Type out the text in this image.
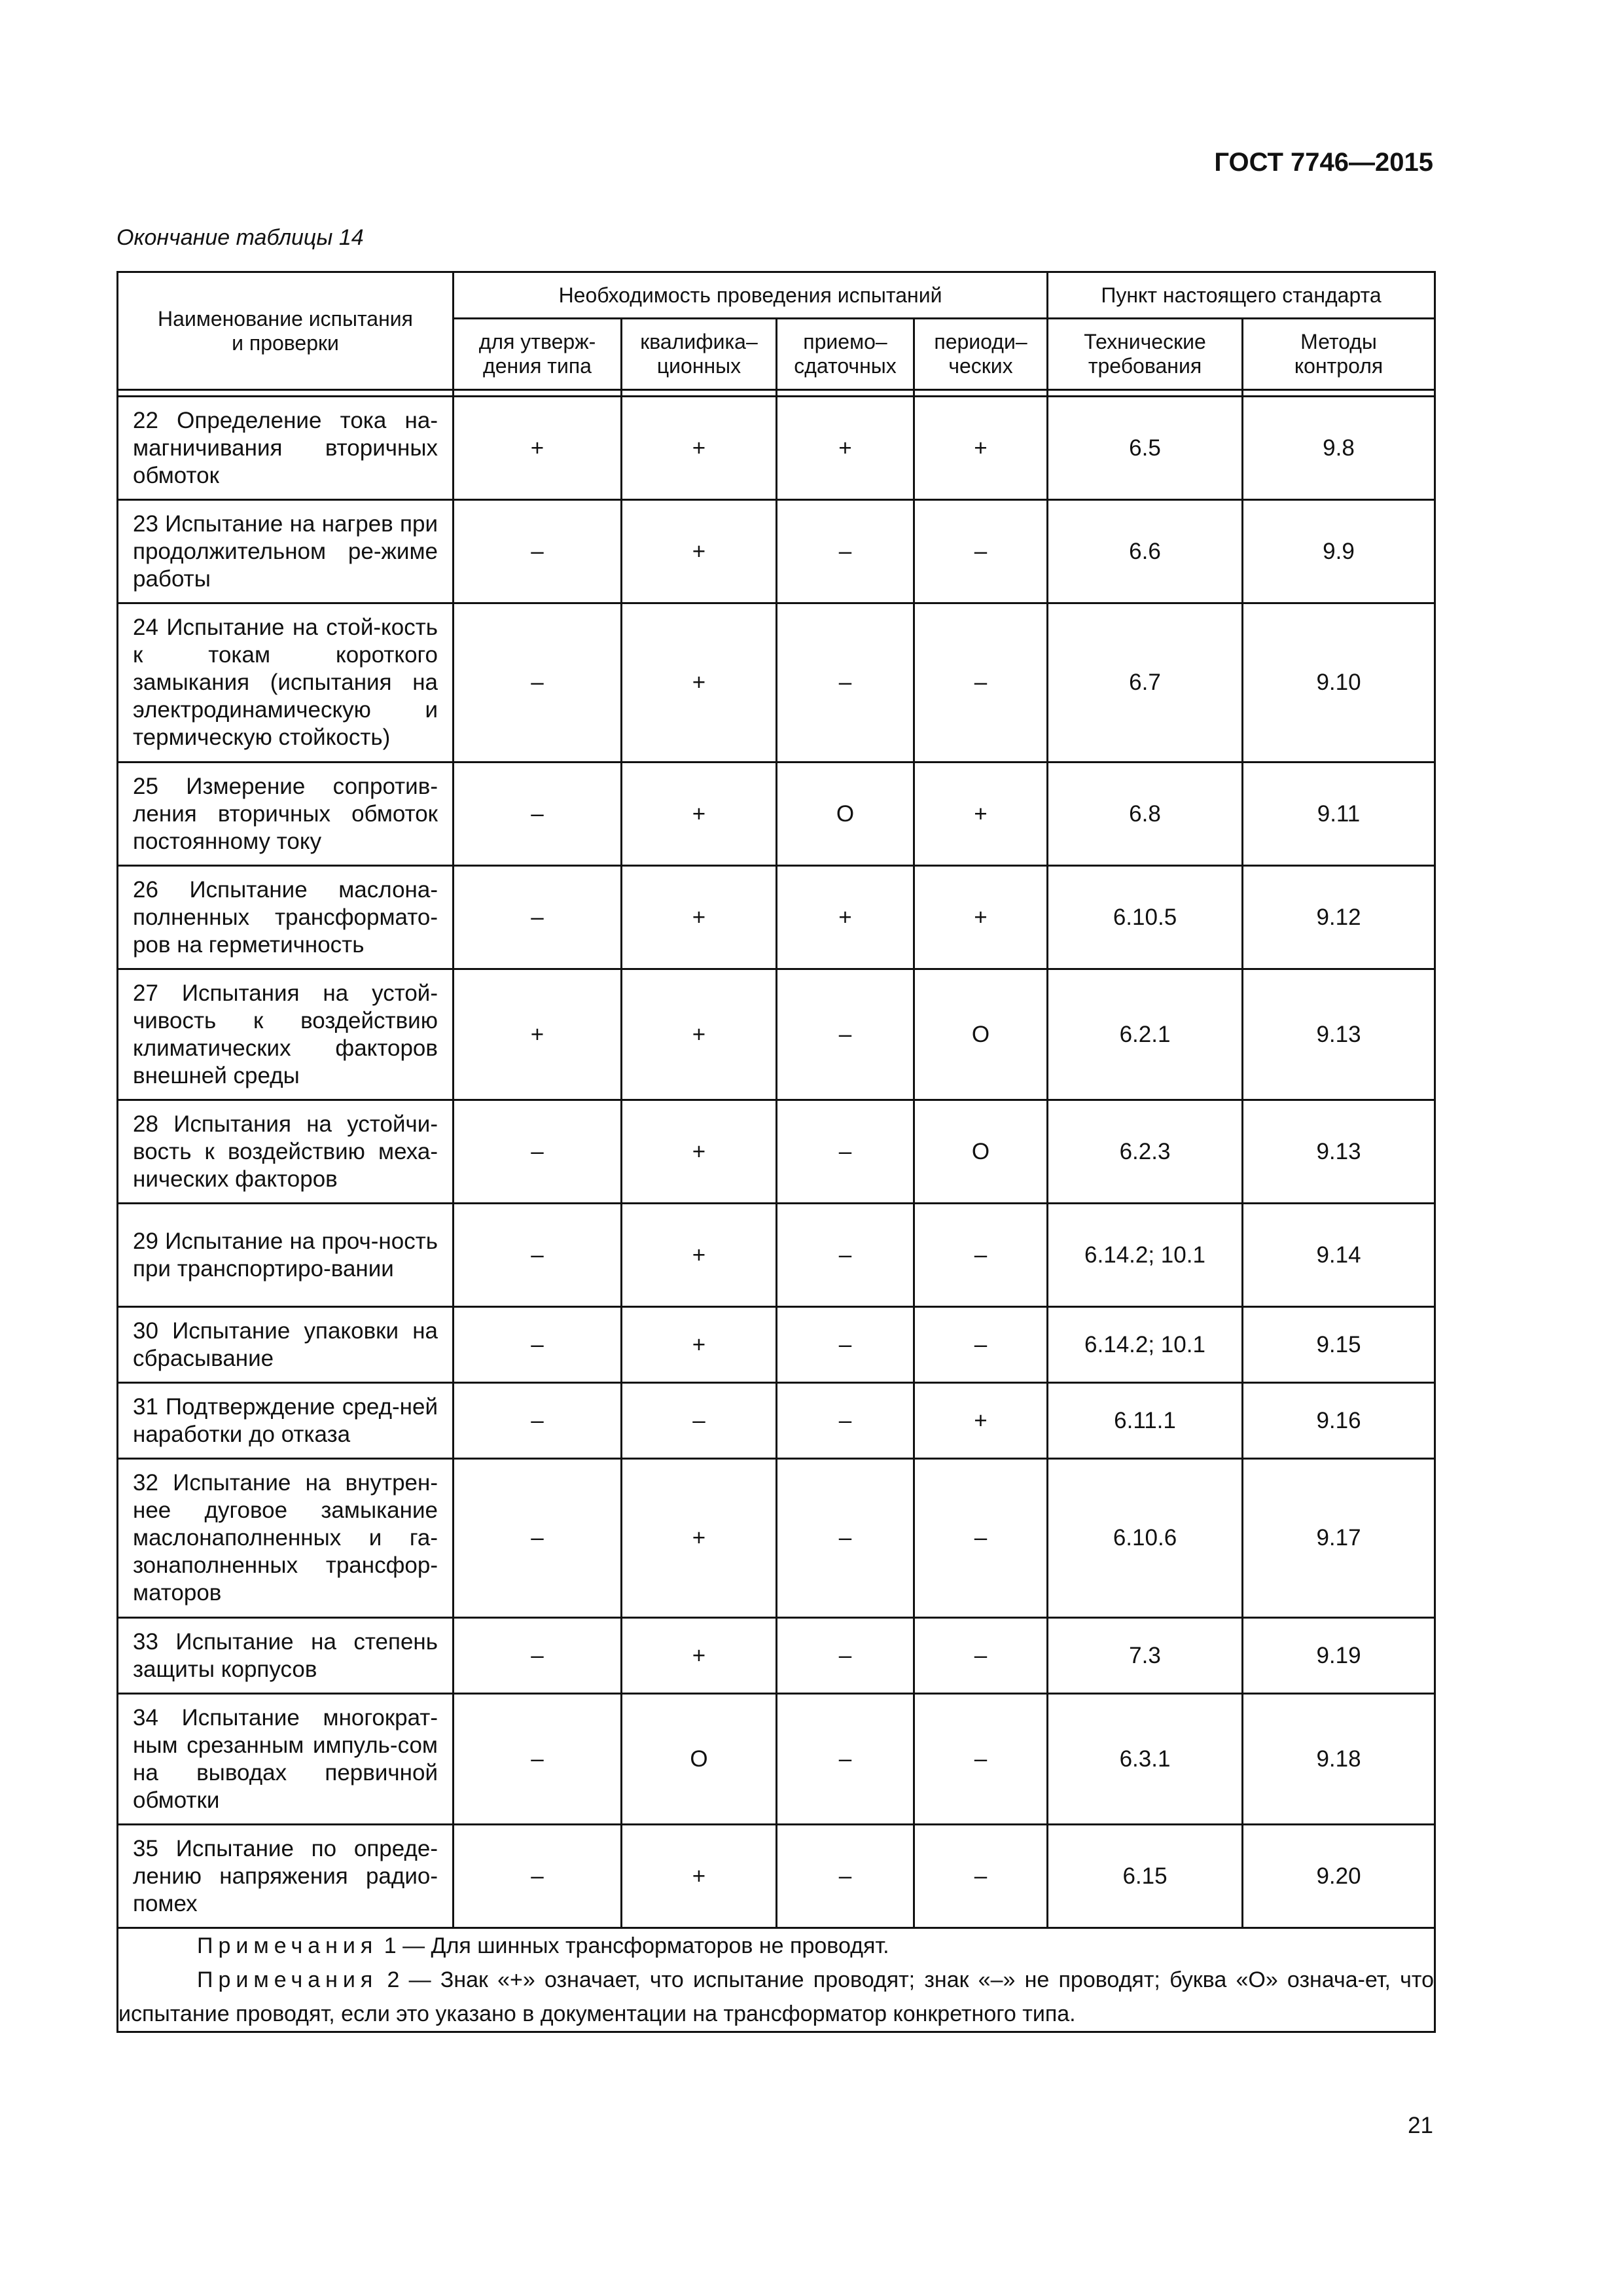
ГОСТ 7746—2015
Окончание таблицы 14
Наименование испытания и проверки	Необходимость проведения испытаний				Пункт настоящего стандарта	
	для утверж-дения типа	квалифика–ционных	приемо–сдаточных	периоди–ческих	Технические требования	Методы контроля

22 Определение тока на-магничивания вторичных обмоток	+	+	+	+	6.5	9.8
23 Испытание на нагрев при продолжительном ре-жиме работы	–	+	–	–	6.6	9.9
24 Испытание на стой-кость к токам короткого замыкания (испытания на электродинамическую и термическую стойкость)	–	+	–	–	6.7	9.10
25 Измерение сопротив-ления вторичных обмоток постоянному току	–	+	О	+	6.8	9.11
26 Испытание маслона-полненных трансформато-ров на герметичность	–	+	+	+	6.10.5	9.12
27 Испытания на устой-чивость к воздействию климатических факторов внешней среды	+	+	–	О	6.2.1	9.13
28 Испытания на устойчи-вость к воздействию меха-нических факторов	–	+	–	О	6.2.3	9.13
29 Испытание на проч-ность при транспортиро-вании	–	+	–	–	6.14.2; 10.1	9.14
30 Испытание упаковки на сбрасывание	–	+	–	–	6.14.2; 10.1	9.15
31 Подтверждение сред-ней наработки до отказа	–	–	–	+	6.11.1	9.16
32 Испытание на внутрен-нее дуговое замыкание маслонаполненных и га-зонаполненных трансфор-маторов	–	+	–	–	6.10.6	9.17
33 Испытание на степень защиты корпусов	–	+	–	–	7.3	9.19
34 Испытание многократ-ным срезанным импуль-сом на выводах первичной обмотки	–	О	–	–	6.3.1	9.18
35 Испытание по опреде-лению напряжения радио-помех	–	+	–	–	6.15	9.20

Примечания 1 — Для шинных трансформаторов не проводят.
Примечания 2 — Знак «+» означает, что испытание проводят; знак «–» не проводят; буква «О» означа-ет, что испытание проводят, если это указано в документации на трансформатор конкретного типа.						
21
